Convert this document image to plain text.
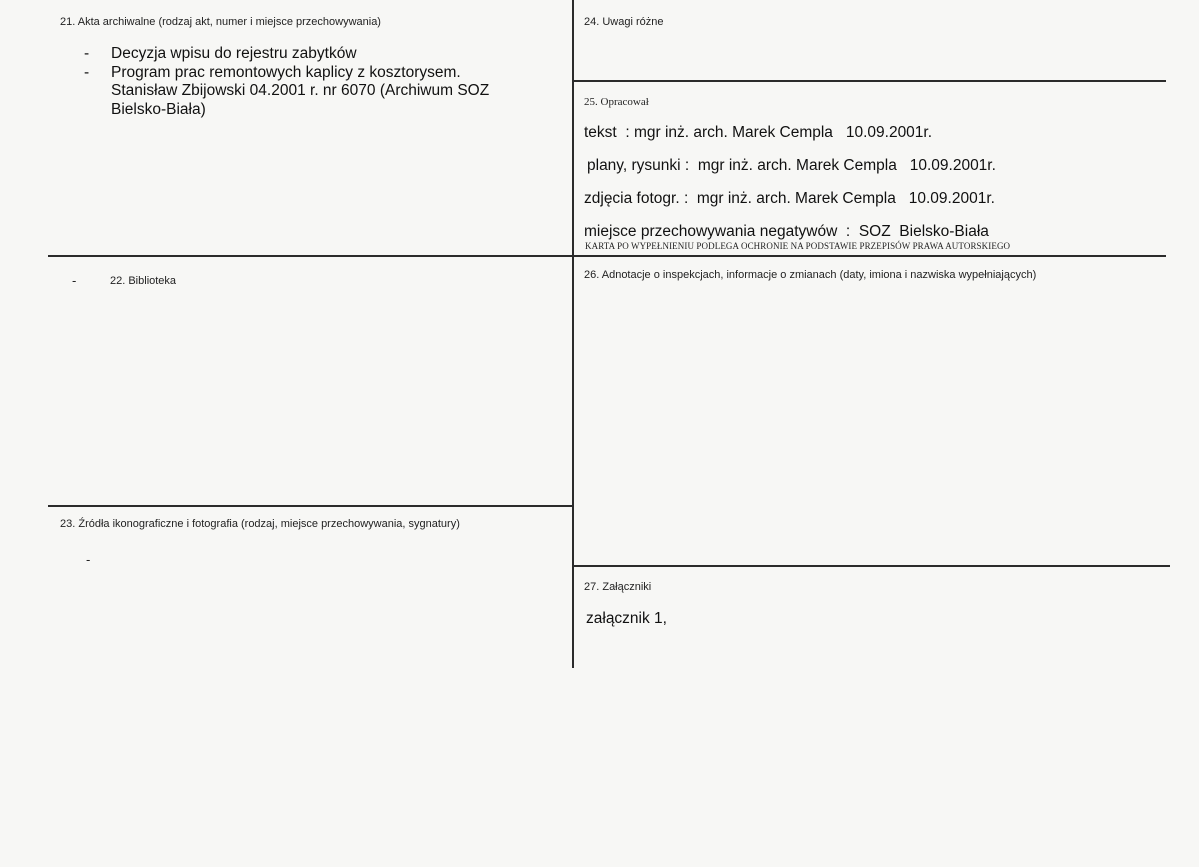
21. Akta archiwalne (rodzaj akt, numer i miejsce przechowywania)
- Decyzja wpisu do rejestru zabytków
- Program prac remontowych kaplicy z kosztorysem.
Stanisław Zbijowski 04.2001 r. nr 6070 (Archiwum SOZ
Bielsko-Biała)
-	22. Biblioteka
23. Źródła ikonograficzne i fotografia (rodzaj, miejsce przechowywania, sygnatury)
-
24. Uwagi różne
25. Opracował
tekst  : mgr inż. arch. Marek Cempla   10.09.2001r.
plany, rysunki :  mgr inż. arch. Marek Cempla   10.09.2001r.
zdjęcia fotogr. :  mgr inż. arch. Marek Cempla   10.09.2001r.
miejsce przechowywania negatywów  :  SOZ  Bielsko-Biała
KARTA PO WYPEŁNIENIU PODLEGA OCHRONIE NA PODSTAWIE PRZEPISÓW PRAWA AUTORSKIEGO
26. Adnotacje o inspekcjach, informacje o zmianach (daty, imiona i nazwiska wypełniających)
27. Załączniki
załącznik 1,
